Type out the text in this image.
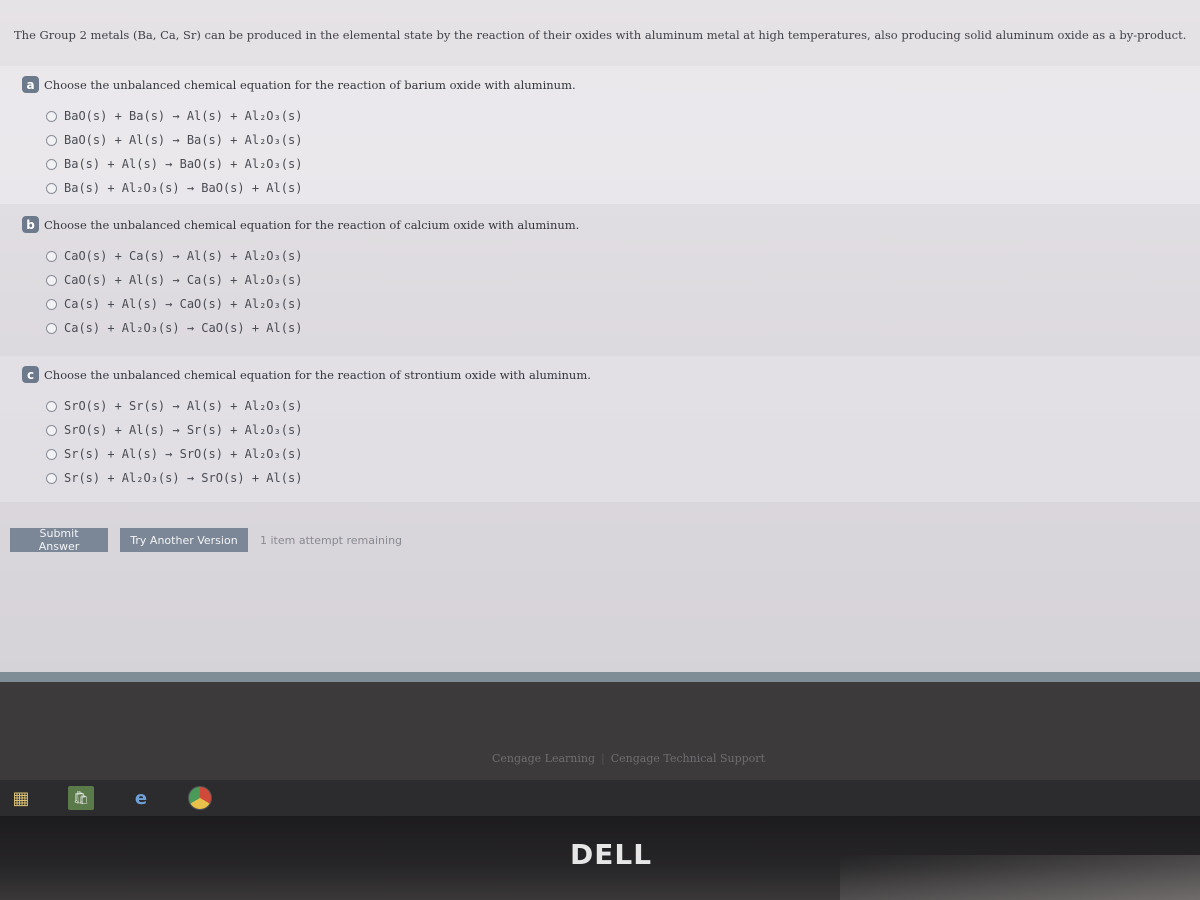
The Group 2 metals (Ba, Ca, Sr) can be produced in the elemental state by the reaction of their oxides with aluminum metal at high temperatures, also producing solid aluminum oxide as a by-product.

a Choose the unbalanced chemical equation for the reaction of barium oxide with aluminum.
BaO(s) + Ba(s) → Al(s) + Al₂O₃(s)
BaO(s) + Al(s) → Ba(s) + Al₂O₃(s)
Ba(s) + Al(s) → BaO(s) + Al₂O₃(s)
Ba(s) + Al₂O₃(s) → BaO(s) + Al(s)
b Choose the unbalanced chemical equation for the reaction of calcium oxide with aluminum.
CaO(s) + Ca(s) → Al(s) + Al₂O₃(s)
CaO(s) + Al(s) → Ca(s) + Al₂O₃(s)
Ca(s) + Al(s) → CaO(s) + Al₂O₃(s)
Ca(s) + Al₂O₃(s) → CaO(s) + Al(s)
c Choose the unbalanced chemical equation for the reaction of strontium oxide with aluminum.
SrO(s) + Sr(s) → Al(s) + Al₂O₃(s)
SrO(s) + Al(s) → Sr(s) + Al₂O₃(s)
Sr(s) + Al(s) → SrO(s) + Al₂O₃(s)
Sr(s) + Al₂O₃(s) → SrO(s) + Al(s)
Submit Answer	Try Another Version	1 item attempt remaining
Cengage Learning | Cengage Technical Support
▦	🛍	e
DELL
